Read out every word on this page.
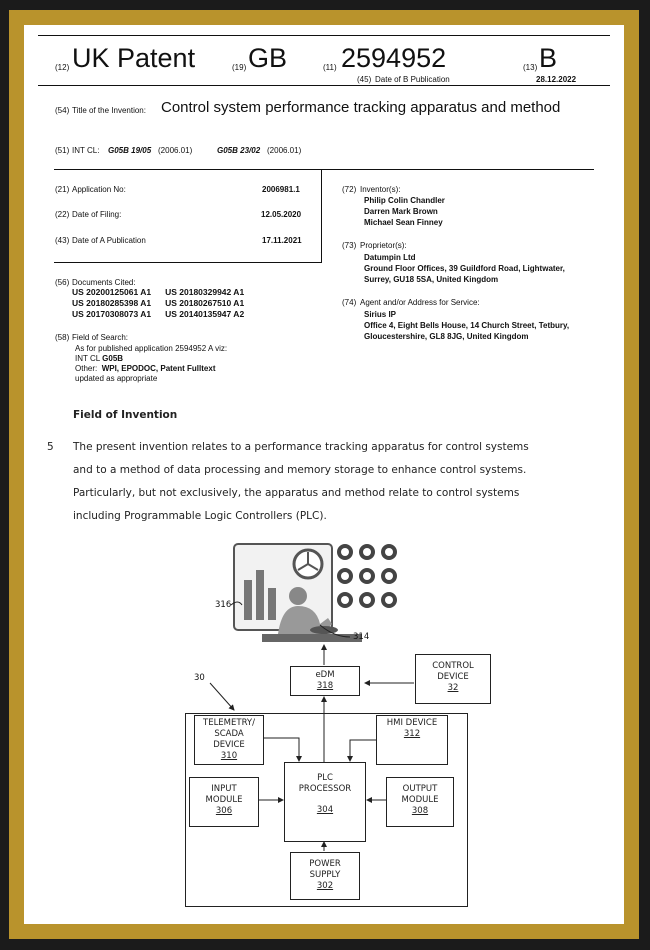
(12) UK Patent	(19) GB	(11) 2594952	(13) B
(45) Date of B Publication	28.12.2022
(54) Title of the Invention: Control system performance tracking apparatus and method
(51) INT CL: G05B 19/05 (2006.01)	G05B 23/02 (2006.01)
(21) Application No:	2006981.1
(22) Date of Filing:	12.05.2020
(43) Date of A Publication	17.11.2021
(56) Documents Cited:
US 20200125061 A1	US 20180329942 A1
US 20180285398 A1	US 20180267510 A1
US 20170308073 A1	US 20140135947 A2
(58) Field of Search:
As for published application 2594952 A viz:
INT CL G05B
Other: WPI, EPODOC, Patent Fulltext
updated as appropriate
(72) Inventor(s):
Philip Colin Chandler
Darren Mark Brown
Michael Sean Finney
(73) Proprietor(s):
Datumpin Ltd
Ground Floor Offices, 39 Guildford Road, Lightwater,
Surrey, GU18 5SA, United Kingdom
(74) Agent and/or Address for Service:
Sirius IP
Office 4, Eight Bells House, 14 Church Street, Tetbury,
Gloucestershire, GL8 8JG, United Kingdom
Field of Invention
5 The present invention relates to a performance tracking apparatus for control systems
and to a method of data processing and memory storage to enhance control systems.
Particularly, but not exclusively, the apparatus and method relate to control systems
including Programmable Logic Controllers (PLC).
316
314
30	eDM
318
CONTROL
DEVICE
32
TELEMETRY/
SCADA
DEVICE
310
HMI DEVICE
312
INPUT
MODULE
306
PLC
PROCESSOR
304
OUTPUT
MODULE
308
POWER
SUPPLY
302
